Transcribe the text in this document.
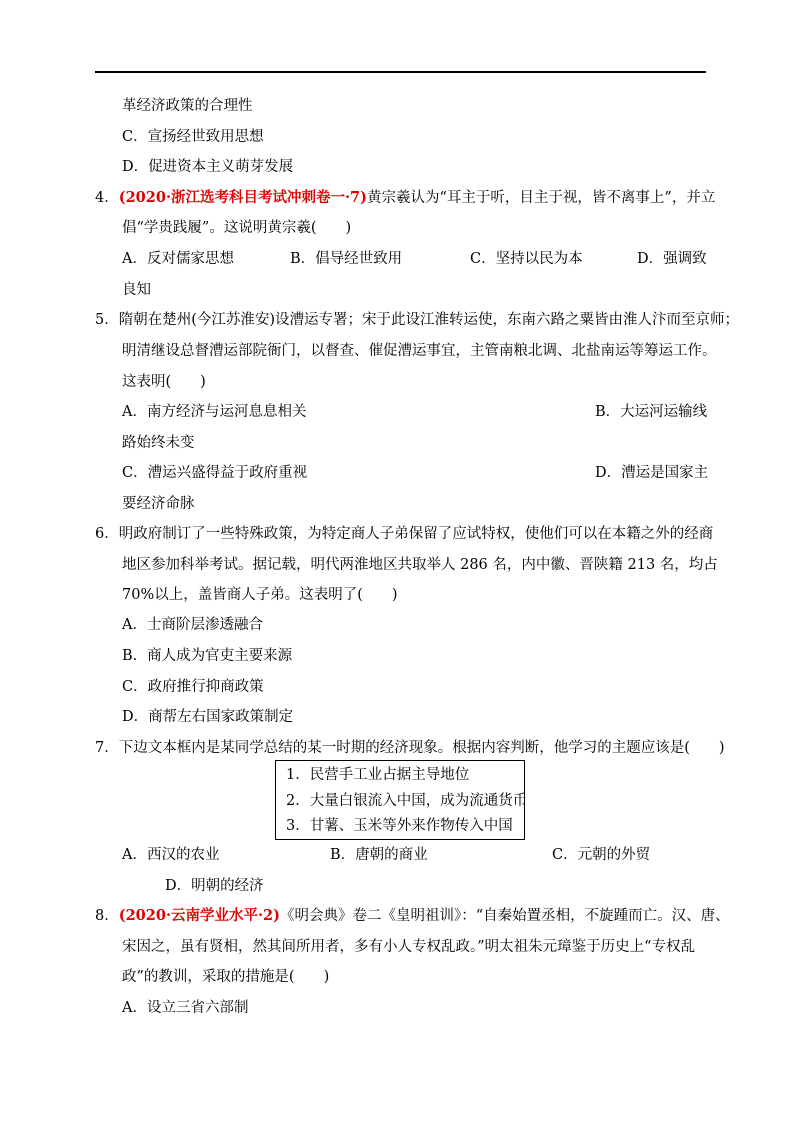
革经济政策的合理性
C．宣扬经世致用思想
D．促进资本主义萌芽发展
4．(2020·浙江选考科目考试冲刺卷一·7)黄宗羲认为“耳主于听，目主于视，皆不离事上”，并立
倡“学贵践履”。这说明黄宗羲(　　)
A．反对儒家思想	B．倡导经世致用	C．坚持以民为本	D．强调致
良知
5．隋朝在楚州(今江苏淮安)设漕运专署；宋于此设江淮转运使，东南六路之粟皆由淮人汴而至京师；
明清继设总督漕运部院衙门，以督查、催促漕运事宜，主管南粮北调、北盐南运等筹运工作。
这表明(　　)
A．南方经济与运河息息相关	B．大运河运输线
路始终未变
C．漕运兴盛得益于政府重视	D．漕运是国家主
要经济命脉
6．明政府制订了一些特殊政策，为特定商人子弟保留了应试特权，使他们可以在本籍之外的经商
地区参加科举考试。据记载，明代两淮地区共取举人 286 名，内中徽、晋陕籍 213 名，均占
70%以上，盖皆商人子弟。这表明了(　　)
A．士商阶层渗透融合
B．商人成为官吏主要来源
C．政府推行抑商政策
D．商帮左右国家政策制定
7．下边文本框内是某同学总结的某一时期的经济现象。根据内容判断，他学习的主题应该是(　　)
1．民营手工业占据主导地位
2．大量白银流入中国，成为流通货币
3．甘薯、玉米等外来作物传入中国
A．西汉的农业	B．唐朝的商业	C．元朝的外贸
D．明朝的经济
8．(2020·云南学业水平·2)《明会典》卷二《皇明祖训》：“自秦始置丞相，不旋踵而亡。汉、唐、
宋因之，虽有贤相，然其间所用者，多有小人专权乱政。”明太祖朱元璋鉴于历史上“专权乱
政”的教训，采取的措施是(　　)
A．设立三省六部制
